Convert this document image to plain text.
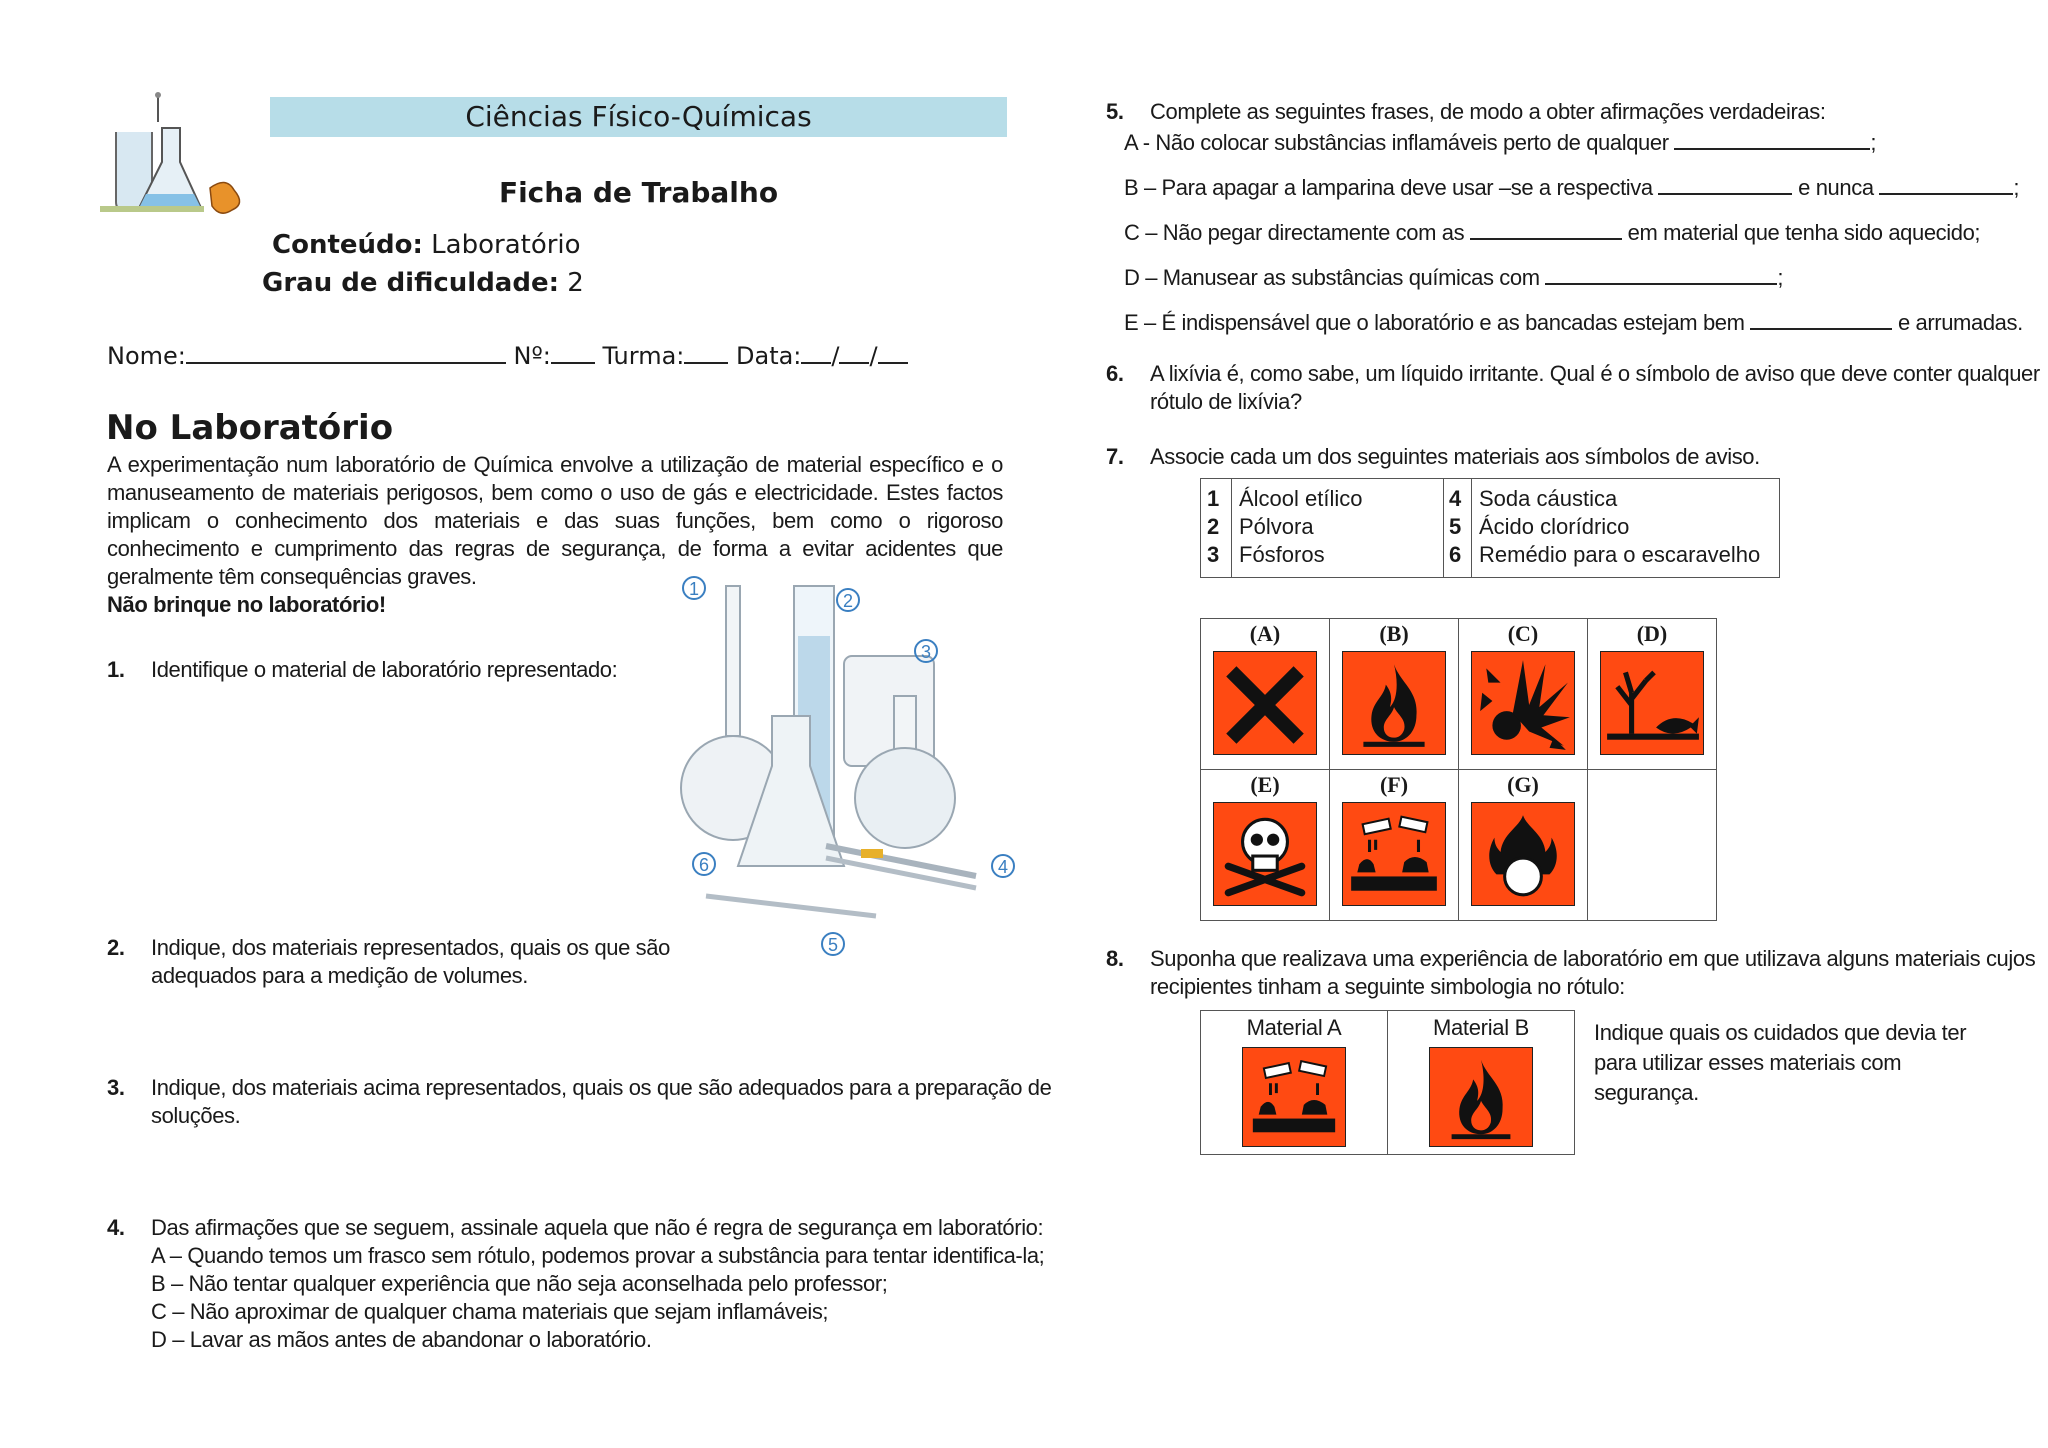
Ciências Físico-Químicas
Ficha de Trabalho
Conteúdo: Laboratório
Grau de dificuldade: 2
Nome:	Nº: Turma: Data: / /
No Laboratório

A experimentação num laboratório de Química envolve a utilização de material específico e o manuseamento de materiais perigosos, bem como o uso de gás e electricidade. Estes factos implicam o conhecimento dos materiais e das suas funções, bem como o rigoroso conhecimento e cumprimento das regras de segurança, de forma a evitar acidentes que geralmente têm consequências graves.

Não brinque no laboratório!

1
2
3
4
5
6
1. Identifique o material de laboratório representado:
2. Indique, dos materiais representados, quais os que são
adequados para a medição de volumes.
3. Indique, dos materiais acima representados, quais os que são adequados para a preparação de
soluções.
4. Das afirmações que se seguem, assinale aquela que não é regra de segurança em laboratório:
A – Quando temos um frasco sem rótulo, podemos provar a substância para tentar identifica-la;
B – Não tentar qualquer experiência que não seja aconselhada pelo professor;
C – Não aproximar de qualquer chama materiais que sejam inflamáveis;
D – Lavar as mãos antes de abandonar o laboratório.
5. Complete as seguintes frases, de modo a obter afirmações verdadeiras:
A - Não colocar substâncias inflamáveis perto de qualquer	;
B – Para apagar a lamparina deve usar –se a respectiva	e nunca	;
C – Não pegar directamente com as	em material que tenha sido aquecido;
D – Manusear as substâncias químicas com	;
E – É indispensável que o laboratório e as bancadas estejam bem	e arrumadas.
6. A lixívia é, como sabe, um líquido irritante. Qual é o símbolo de aviso que deve conter qualquer
rótulo de lixívia?
7. Associe cada um dos seguintes materiais aos símbolos de aviso.
1	Álcool etílico
2	Pólvora
3	Fósforos
4	Soda cáustica
5	Ácido clorídrico
6	Remédio para o escaravelho
(A)	(B)	(C)	(D)

(E)	(F)	(G)	

8. Suponha que realizava uma experiência de laboratório em que utilizava alguns materiais cujos
recipientes tinham a seguinte simbologia no rótulo:
Material A	Material B	Indique quais os cuidados que devia ter
para utilizar esses materiais com
segurança.
